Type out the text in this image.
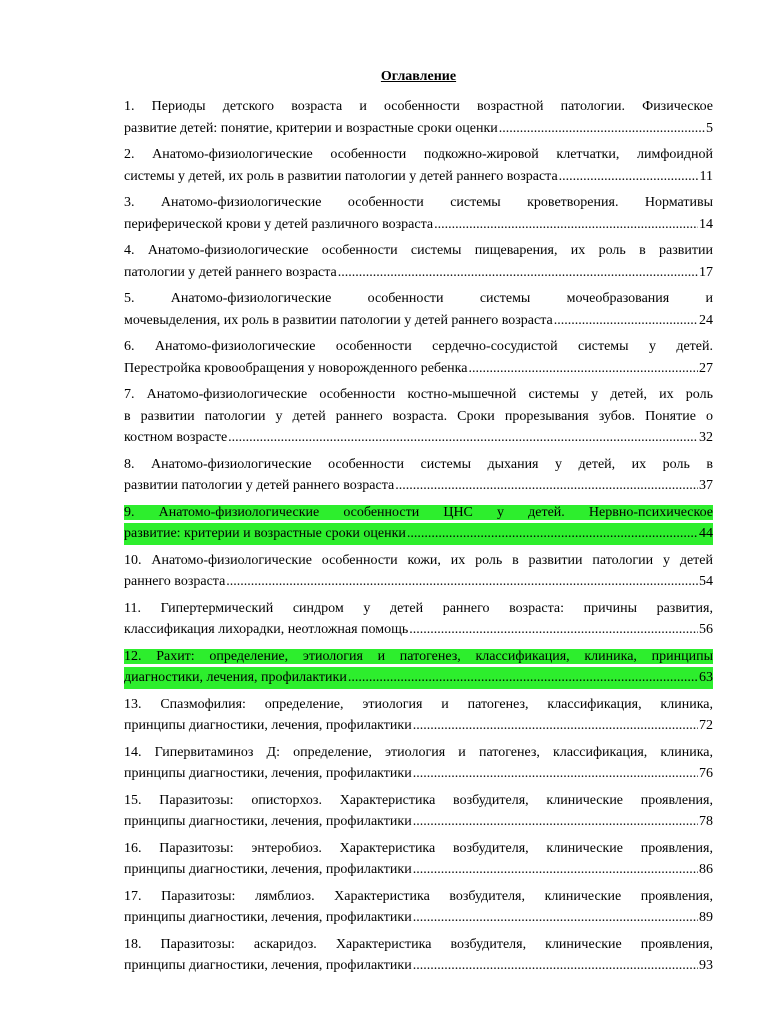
Оглавление
1. Периоды детского возраста и особенности возрастной патологии. Физическое
развитие детей: понятие, критерии и возрастные сроки оценки .....	5
2. Анатомо-физиологические особенности подкожно-жировой клетчатки, лимфоидной
системы у детей, их роль в развитии патологии у детей раннего возраста .....	11
3. Анатомо-физиологические особенности системы кроветворения. Нормативы
периферической крови у детей различного возраста .....	14
4. Анатомо-физиологические особенности системы пищеварения, их роль в развитии
патологии у детей раннего возраста .....	17
5. Анатомо-физиологические особенности системы мочеобразования и
мочевыделения, их роль в развитии патологии у детей раннего возраста .....	24
6. Анатомо-физиологические особенности сердечно-сосудистой системы у детей.
Перестройка кровообращения у новорожденного ребенка .....	27
7. Анатомо-физиологические особенности костно-мышечной системы у детей, их роль
в развитии патологии у детей раннего возраста. Сроки прорезывания зубов. Понятие о
костном возрасте .....	32
8. Анатомо-физиологические особенности системы дыхания у детей, их роль в
развитии патологии у детей раннего возраста .....	37
9. Анатомо-физиологические особенности ЦНС у детей. Нервно-психическое
развитие: критерии и возрастные сроки оценки .....	44
10. Анатомо-физиологические особенности кожи, их роль в развитии патологии у детей
раннего возраста .....	54
11. Гипертермический синдром у детей раннего возраста: причины развития,
классификация лихорадки, неотложная помощь .....	56
12. Рахит: определение, этиология и патогенез, классификация, клиника, принципы
диагностики, лечения, профилактики .....	63
13. Спазмофилия: определение, этиология и патогенез, классификация, клиника,
принципы диагностики, лечения, профилактики .....	72
14. Гипервитаминоз Д: определение, этиология и патогенез, классификация, клиника,
принципы диагностики, лечения, профилактики .....	76
15. Паразитозы: описторхоз. Характеристика возбудителя, клинические проявления,
принципы диагностики, лечения, профилактики .....	78
16. Паразитозы: энтеробиоз. Характеристика возбудителя, клинические проявления,
принципы диагностики, лечения, профилактики .....	86
17. Паразитозы: лямблиоз. Характеристика возбудителя, клинические проявления,
принципы диагностики, лечения, профилактики .....	89
18. Паразитозы: аскаридоз. Характеристика возбудителя, клинические проявления,
принципы диагностики, лечения, профилактики .....	93
